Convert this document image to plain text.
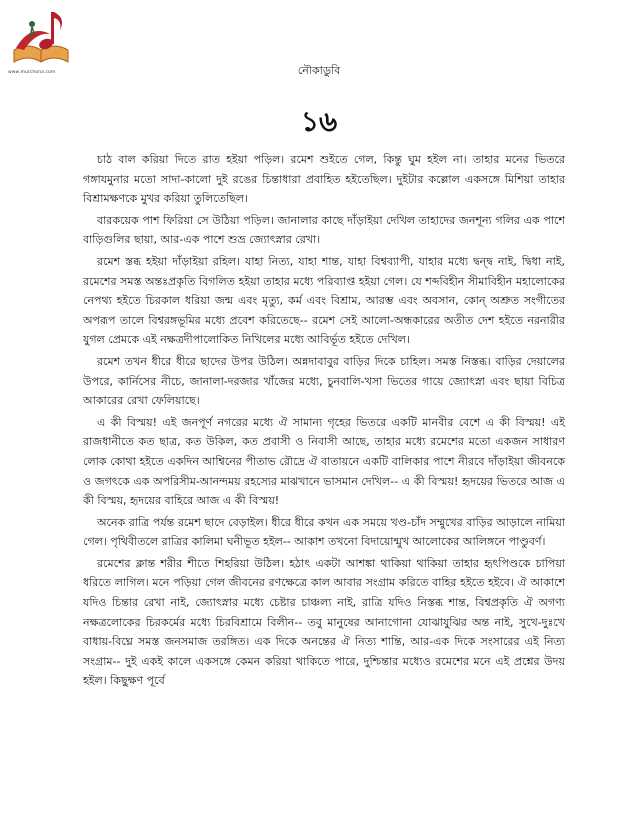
www.murchona.com	নৌকাডুবি
১৬

চাঠ বাল করিয়া দিতে রাত হইয়া পড়িল। রমেশ শুইতে গেল, কিন্তু ঘুম হইল না। তাহার মনের ভিতরে গঙ্গাযমুনার মতো সাদা-কালো দুই রঙের চিন্তাধারা প্রবাহিত হইতেছিল। দুইটার কল্লোল একসঙ্গে মিশিয়া তাহার বিশ্রামক্ষণকে মুখর করিয়া তুলিতেছিল।

বারকয়েক পাশ ফিরিয়া সে উঠিয়া পড়িল। জানালার কাছে দাঁড়াইয়া দেখিল তাহাদের জনশূন্য গলির এক পাশে বাড়িগুলির ছায়া, আর-এক পাশে শুভ্র জ্যোৎস্নার রেখা।

রমেশ স্তব্ধ হইয়া দাঁড়াইয়া রহিল। যাহা নিত্য, যাহা শান্ত, যাহা বিশ্বব্যাপী, যাহার মধ্যে দ্বন্দ্ব নাই, দ্বিধা নাই, রমেশের সমস্ত অন্তঃপ্রকৃতি বিগলিত হইয়া তাহার মধ্যে পরিব্যাপ্ত হইয়া গেল। যে শব্দবিহীন সীমাবিহীন মহালোকের নেপথ্য হইতে চিরকাল ধরিয়া জন্ম এবং মৃত্যু, কর্ম এবং বিশ্রাম, আরম্ভ এবং অবসান, কোন্‌ অশ্রুত সংগীতের অপরূপ তালে বিশ্বরঙ্গভূমির মধ্যে প্রবেশ করিতেছে-- রমেশ সেই আলো-অন্ধকারের অতীত দেশ হইতে নরনারীর যুগল প্রেমকে এই নক্ষত্রদীপালোকিত নিখিলের মধ্যে আবির্ভূত হইতে দেখিল।

রমেশ তখন ধীরে ধীরে ছাদের উপর উঠিল। অন্নদাবাবুর বাড়ির দিকে চাহিল। সমস্ত নিস্তব্ধ। বাড়ির দেয়ালের উপরে, কার্নিসের নীচে, জানালা-দরজার খাঁজের মধ্যে, চুনবালি-খসা ভিতের গায়ে জ্যোৎস্না এবং ছায়া বিচিত্র আকারের রেখা ফেলিয়াছে।

এ কী বিস্ময়! এই জনপূর্ণ নগরের মধ্যে ঐ সামান্য গৃহের ভিতরে একটি মানবীর বেশে এ কী বিস্ময়! এই রাজধানীতে কত ছাত্র, কত উকিল, কত প্রবাসী ও নিবাসী আছে, তাহার মধ্যে রমেশের মতো একজন সাধারণ লোক কোথা হইতে একদিন আশ্বিনের পীতাভ রৌদ্রে ঐ বাতায়নে একটি বালিকার পাশে নীরবে দাঁড়াইয়া জীবনকে ও জগৎকে এক অপরিসীম-আনন্দময় রহস্যের মাঝখানে ভাসমান দেখিল-- এ কী বিস্ময়! হৃদয়ের ভিতরে আজ এ কী বিস্ময়, হৃদয়ের বাহিরে আজ এ কী বিস্ময়!

অনেক রাত্রি পর্যন্ত রমেশ ছাদে বেড়াইল। ধীরে ধীরে কখন এক সময়ে খণ্ড-চাঁদ সম্মুখের বাড়ির আড়ালে নামিয়া গেল। পৃথিবীতলে রাত্রির কালিমা ঘনীভূত হইল-- আকাশ তখনো বিদায়োন্মুখ আলোকের আলিঙ্গনে পাণ্ডুবর্ণ।

রমেশের ক্লান্ত শরীর শীতে শিহরিয়া উঠিল। হঠাৎ একটা আশঙ্কা থাকিয়া থাকিয়া তাহার হৃৎপিণ্ডকে চাপিয়া ধরিতে লাগিল। মনে পড়িয়া গেল জীবনের রণক্ষেত্রে কাল আবার সংগ্রাম করিতে বাহির হইতে হইবে। ঐ আকাশে যদিও চিন্তার রেখা নাই, জ্যোৎস্নার মধ্যে চেষ্টার চাঞ্চল্য নাই, রাত্রি যদিও নিস্তব্ধ শান্ত, বিশ্বপ্রকৃতি ঐ অগণ্য নক্ষত্রলোকের চিরকর্মের মধ্যে চিরবিশ্রামে বিলীন-- তবু মানুষের আনাগোনা যোঝাযুঝির অন্ত নাই, সুখে-দুঃখে বাধায়-বিঘ্নে সমস্ত জনসমাজ তরঙ্গিত। এক দিকে অনন্তের ঐ নিত্য শান্তি, আর-এক দিকে সংসারের এই নিত্য সংগ্রাম-- দুই একই কালে একসঙ্গে কেমন করিয়া থাকিতে পারে, দুশ্চিন্তার মধ্যেও রমেশের মনে এই প্রশ্নের উদয় হইল। কিছুক্ষণ পূর্বে
